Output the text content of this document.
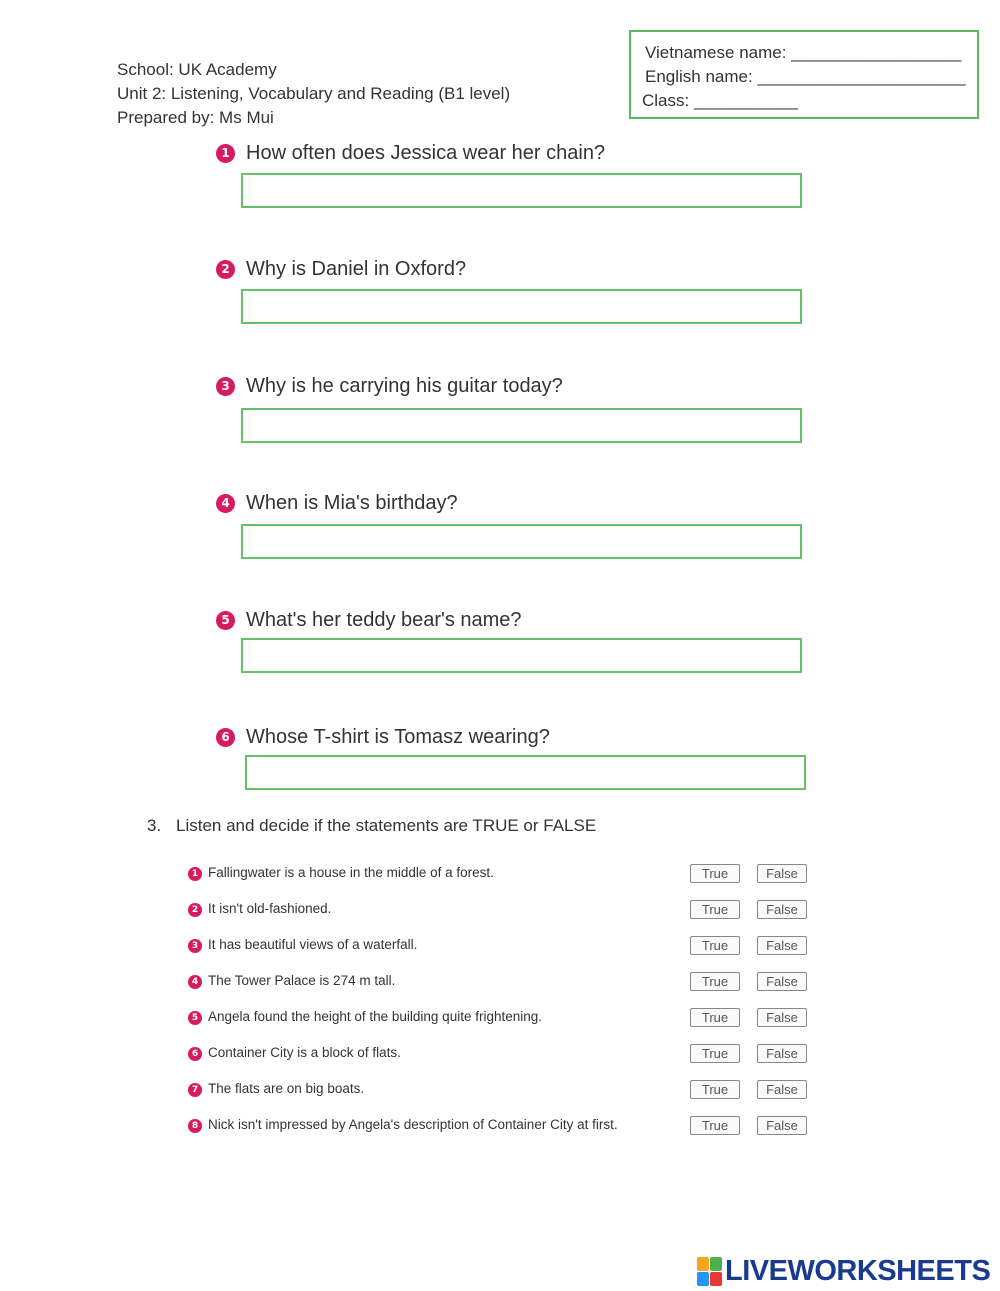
School: UK Academy
Unit 2: Listening, Vocabulary and Reading (B1 level)
Prepared by: Ms Mui
Vietnamese name: __________________
English name: ______________________
Class: ___________
1 How often does Jessica wear her chain?
2 Why is Daniel in Oxford?
3 Why is he carrying his guitar today?
4 When is Mia's birthday?
5 What's her teddy bear's name?
6 Whose T-shirt is Tomasz wearing?
3. Listen and decide if the statements are TRUE or FALSE
1 Fallingwater is a house in the middle of a forest.	True	False
2 It isn't old-fashioned.	True	False
3 It has beautiful views of a waterfall.	True	False
4 The Tower Palace is 274 m tall.	True	False
5 Angela found the height of the building quite frightening.	True	False
6 Container City is a block of flats.	True	False
7 The flats are on big boats.	True	False
8 Nick isn't impressed by Angela's description of Container City at first.	True	False
LIVEWORKSHEETS
